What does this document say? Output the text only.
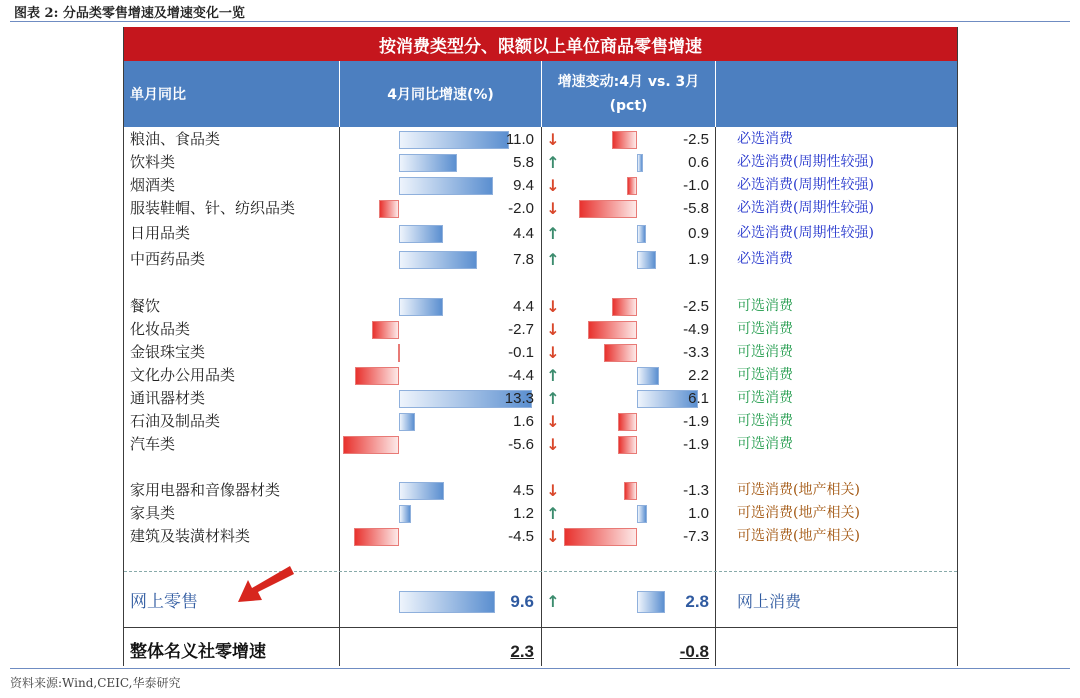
图表 2: 分品类零售增速及增速变化一览
按消费类型分、限额以上单位商品零售增速
单月同比	4月同比增速(%)
增速变动:4月 vs. 3月(pct)
粮油、食品类	11.0 ↓	-2.5 必选消费
饮料类	5.8 ↑	0.6 必选消费(周期性较强)
烟酒类	9.4 ↓	-1.0 必选消费(周期性较强)
服装鞋帽、针、纺织品类	-2.0 ↓	-5.8 必选消费(周期性较强)
日用品类	4.4 ↑	0.9 必选消费(周期性较强)
中西药品类	7.8 ↑	1.9 必选消费
餐饮	4.4 ↓	-2.5 可选消费
化妆品类	-2.7 ↓	-4.9 可选消费
金银珠宝类	-0.1 ↓	-3.3 可选消费
文化办公用品类	-4.4 ↑	2.2 可选消费
通讯器材类	13.3 ↑	6.1 可选消费
石油及制品类	1.6 ↓	-1.9 可选消费
汽车类	-5.6 ↓	-1.9 可选消费
家用电器和音像器材类	4.5 ↓	-1.3 可选消费(地产相关)
家具类	1.2 ↑	1.0 可选消费(地产相关)
建筑及装潢材料类	-4.5 ↓	-7.3 可选消费(地产相关)
网上零售	9.6 ↑	2.8 网上消费
整体名义社零增速	2.3	-0.8
资料来源:Wind,CEIC,华泰研究
